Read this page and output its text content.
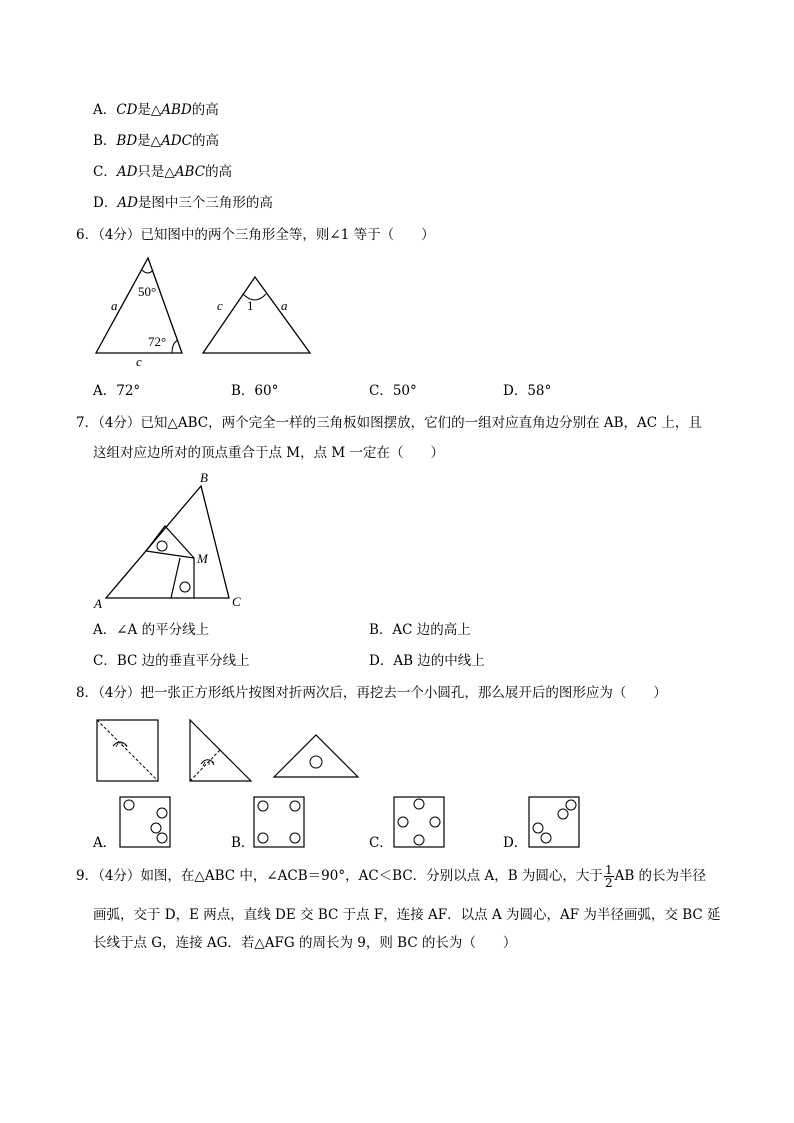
A．CD是△ABD的高
B．BD是△ADC的高
C．AD只是△ABC的高
D．AD是图中三个三角形的高
6．（4分）已知图中的两个三角形全等，则∠1 等于（　　）
50°
72°
a
c
1
c	a
A．72°	B．60°	C．50°	D．58°
7．（4分）已知△ABC，两个完全一样的三角板如图摆放，它们的一组对应直角边分别在 AB，AC 上，且
这组对应边所对的顶点重合于点 M，点 M 一定在（　　）
B
M
A	C
A．∠A 的平分线上	B．AC 边的高上
C．BC 边的垂直平分线上	D．AB 边的中线上
8．（4分）把一张正方形纸片按图对折两次后，再挖去一个小圆孔，那么展开后的图形应为（　　）
A．	B．	C．	D．
9．（4分）如图，在△ABC 中，∠ACB＝90°，AC＜BC．分别以点 A，B 为圆心，大于 $\frac{1}{2}$ AB 的长为半径
画弧，交于 D，E 两点，直线 DE 交 BC 于点 F，连接 AF．以点 A 为圆心，AF 为半径画弧，交 BC 延
长线于点 G，连接 AG．若△AFG 的周长为 9，则 BC 的长为（　　）
